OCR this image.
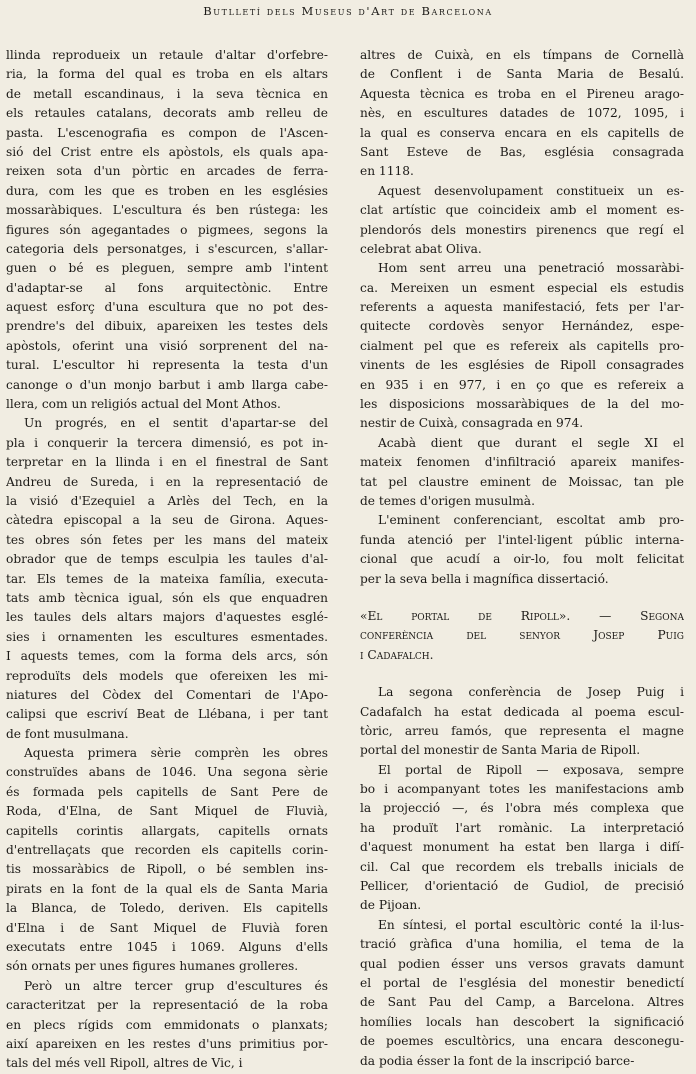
Butlletí dels Museus d'Art de Barcelona
llinda reprodueix un retaule d'altar d'orfebre-
ria, la forma del qual es troba en els altars
de metall escandinaus, i la seva tècnica en
els retaules catalans, decorats amb relleu de
pasta. L'escenografia es compon de l'Ascen-
sió del Crist entre els apòstols, els quals apa-
reixen sota d'un pòrtic en arcades de ferra-
dura, com les que es troben en les esglésies
mossaràbiques. L'escultura és ben rústega: les
figures són agegantades o pigmees, segons la
categoria dels personatges, i s'escurcen, s'allar-
guen o bé es pleguen, sempre amb l'intent
d'adaptar-se al fons arquitectònic. Entre
aquest esforç d'una escultura que no pot des-
prendre's del dibuix, apareixen les testes dels
apòstols, oferint una visió sorprenent del na-
tural. L'escultor hi representa la testa d'un
canonge o d'un monjo barbut i amb llarga cabe-
llera, com un religiós actual del Mont Athos.
Un progrés, en el sentit d'apartar-se del
pla i conquerir la tercera dimensió, es pot in-
terpretar en la llinda i en el finestral de Sant
Andreu de Sureda, i en la representació de
la visió d'Ezequiel a Arlès del Tech, en la
càtedra episcopal a la seu de Girona. Aques-
tes obres són fetes per les mans del mateix
obrador que de temps esculpia les taules d'al-
tar. Els temes de la mateixa família, executa-
tats amb tècnica igual, són els que enquadren
les taules dels altars majors d'aquestes esglé-
sies i ornamenten les escultures esmentades.
I aquests temes, com la forma dels arcs, són
reproduïts dels models que ofereixen les mi-
niatures del Còdex del Comentari de l'Apo-
calipsi que escriví Beat de Llébana, i per tant
de font musulmana.
Aquesta primera sèrie comprèn les obres
construïdes abans de 1046. Una segona sèrie
és formada pels capitells de Sant Pere de
Roda, d'Elna, de Sant Miquel de Fluvià,
capitells corintis allargats, capitells ornats
d'entrellaçats que recorden els capitells corin-
tis mossaràbics de Ripoll, o bé semblen ins-
pirats en la font de la qual els de Santa Maria
la Blanca, de Toledo, deriven. Els capitells
d'Elna i de Sant Miquel de Fluvià foren
executats entre 1045 i 1069. Alguns d'ells
són ornats per unes figures humanes grolleres.
Però un altre tercer grup d'escultures és
caracteritzat per la representació de la roba
en plecs rígids com emmidonats o planxats;
així apareixen en les restes d'uns primitius por-
tals del més vell Ripoll, altres de Vic, i
altres de Cuixà, en els tímpans de Cornellà
de Conflent i de Santa Maria de Besalú.
Aquesta tècnica es troba en el Pireneu arago-
nès, en escultures datades de 1072, 1095, i
la qual es conserva encara en els capitells de
Sant Esteve de Bas, església consagrada
en 1118.
Aquest desenvolupament constitueix un es-
clat artístic que coincideix amb el moment es-
plendorós dels monestirs pirenencs que regí el
celebrat abat Oliva.
Hom sent arreu una penetració mossaràbi-
ca. Mereixen un esment especial els estudis
referents a aquesta manifestació, fets per l'ar-
quitecte cordovès senyor Hernández, espe-
cialment pel que es refereix als capitells pro-
vinents de les esglésies de Ripoll consagrades
en 935 i en 977, i en ço que es refereix a
les disposicions mossaràbiques de la del mo-
nestir de Cuixà, consagrada en 974.
Acabà dient que durant el segle XI el
mateix fenomen d'infiltració apareix manifes-
tat pel claustre eminent de Moissac, tan ple
de temes d'origen musulmà.
L'eminent conferenciant, escoltat amb pro-
funda atenció per l'intel·ligent públic interna-
cional que acudí a oir-lo, fou molt felicitat
per la seva bella i magnífica dissertació.
«El portal de Ripoll». — Segona
conferència del senyor Josep Puig
i Cadafalch.
La segona conferència de Josep Puig i
Cadafalch ha estat dedicada al poema escul-
tòric, arreu famós, que representa el magne
portal del monestir de Santa Maria de Ripoll.
El portal de Ripoll — exposava, sempre
bo i acompanyant totes les manifestacions amb
la projecció —, és l'obra més complexa que
ha produït l'art romànic. La interpretació
d'aquest monument ha estat ben llarga i difí-
cil. Cal que recordem els treballs inicials de
Pellicer, d'orientació de Gudiol, de precisió
de Pijoan.
En síntesi, el portal escultòric conté la il·lus-
tració gràfica d'una homilia, el tema de la
qual podien ésser uns versos gravats damunt
el portal de l'església del monestir benedictí
de Sant Pau del Camp, a Barcelona. Altres
homílies locals han descobert la significació
de poemes escultòrics, una encara desconegu-
da podia ésser la font de la inscripció barce-
